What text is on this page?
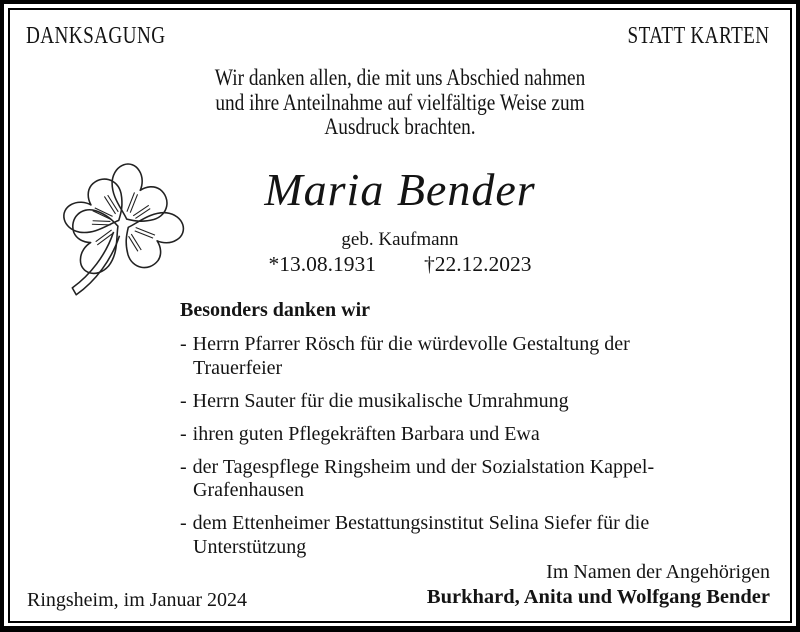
DANKSAGUNG	STATT KARTEN
Wir danken allen, die mit uns Abschied nahmen
und ihre Anteilnahme auf vielfältige Weise zum
Ausdruck brachten.
Maria Bender
geb. Kaufmann
*13.08.1931 †22.12.2023
Besonders danken wir
- Herrn Pfarrer Rösch für die würdevolle Gestaltung der Trauerfeier
- Herrn Sauter für die musikalische Umrahmung
- ihren guten Pflegekräften Barbara und Ewa
- der Tagespflege Ringsheim und der Sozialstation Kappel-Grafenhausen
- dem Ettenheimer Bestattungsinstitut Selina Siefer für die Unterstützung
Im Namen der Angehörigen
Burkhard, Anita und Wolfgang Bender
Ringsheim, im Januar 2024
